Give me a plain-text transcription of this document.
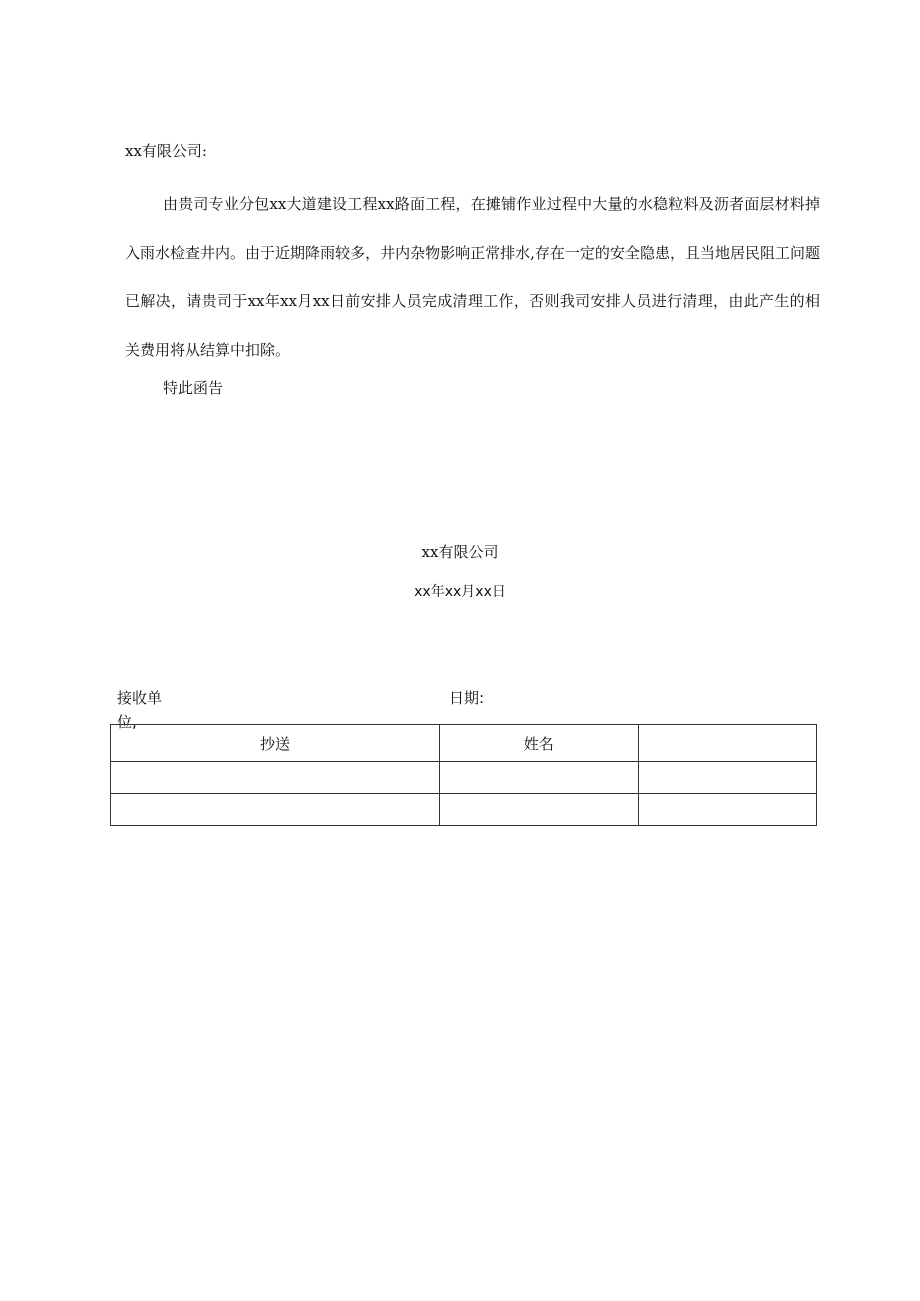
xx有限公司:

由贵司专业分包xx大道建设工程xx路面工程，在摊铺作业过程中大量的水稳粒料及沥者面层材料掉入雨水检查井内。由于近期降雨较多，井内杂物影响正常排水,存在一定的安全隐患，且当地居民阻工问题已解决，请贵司于xx年xx月xx日前安排人员完成清理工作，否则我司安排人员进行清理，由此产生的相关费用将从结算中扣除。

特此函告
xx有限公司
xx年xx月xx日
接收单位,
日期:
抄送	姓名	
